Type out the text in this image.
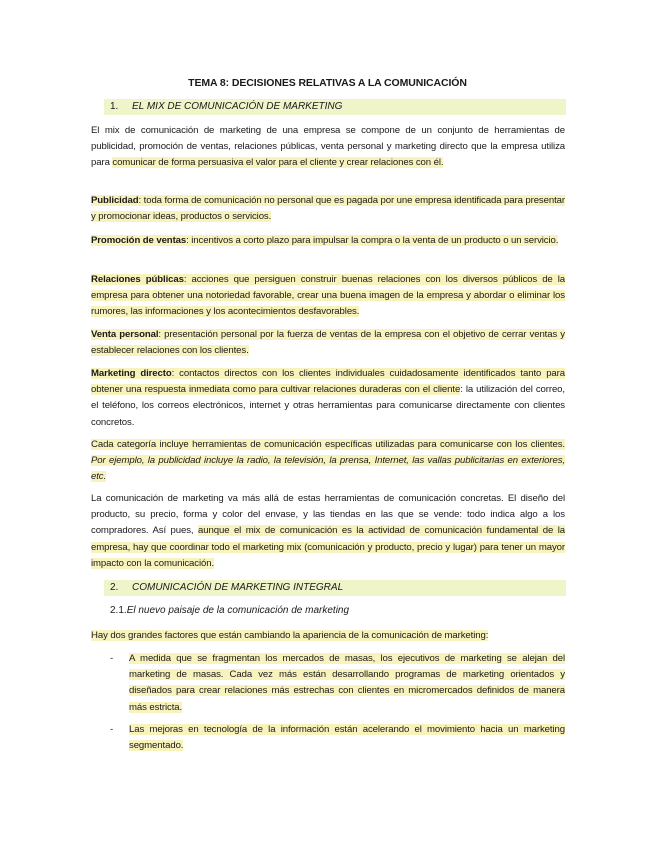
TEMA 8: DECISIONES RELATIVAS A LA COMUNICACIÓN
1. EL MIX DE COMUNICACIÓN DE MARKETING
El mix de comunicación de marketing de una empresa se compone de un conjunto de herramientas de publicidad, promoción de ventas, relaciones públicas, venta personal y marketing directo que la empresa utiliza para comunicar de forma persuasiva el valor para el cliente y crear relaciones con él.
Publicidad: toda forma de comunicación no personal que es pagada por une empresa identificada para presentar y promocionar ideas, productos o servicios.
Promoción de ventas: incentivos a corto plazo para impulsar la compra o la venta de un producto o un servicio.
Relaciones públicas: acciones que persiguen construir buenas relaciones con los diversos públicos de la empresa para obtener una notoriedad favorable, crear una buena imagen de la empresa y abordar o eliminar los rumores, las informaciones y los acontecimientos desfavorables.
Venta personal: presentación personal por la fuerza de ventas de la empresa con el objetivo de cerrar ventas y establecer relaciones con los clientes.
Marketing directo: contactos directos con los clientes individuales cuidadosamente identificados tanto para obtener una respuesta inmediata como para cultivar relaciones duraderas con el cliente: la utilización del correo, el teléfono, los correos electrónicos, internet y otras herramientas para comunicarse directamente con clientes concretos.
Cada categoría incluye herramientas de comunicación específicas utilizadas para comunicarse con los clientes. Por ejemplo, la publicidad incluye la radio, la televisión, la prensa, Internet, las vallas publicitarias en exteriores, etc.
La comunicación de marketing va más allá de estas herramientas de comunicación concretas. El diseño del producto, su precio, forma y color del envase, y las tiendas en las que se vende: todo indica algo a los compradores. Así pues, aunque el mix de comunicación es la actividad de comunicación fundamental de la empresa, hay que coordinar todo el marketing mix (comunicación y producto, precio y lugar) para tener un mayor impacto con la comunicación.
2. COMUNICACIÓN DE MARKETING INTEGRAL
2.1.El nuevo paisaje de la comunicación de marketing
Hay dos grandes factores que están cambiando la apariencia de la comunicación de marketing:
- A medida que se fragmentan los mercados de masas, los ejecutivos de marketing se alejan del marketing de masas. Cada vez más están desarrollando programas de marketing orientados y diseñados para crear relaciones más estrechas con clientes en micromercados definidos de manera más estricta.
- Las mejoras en tecnología de la información están acelerando el movimiento hacia un marketing segmentado.
